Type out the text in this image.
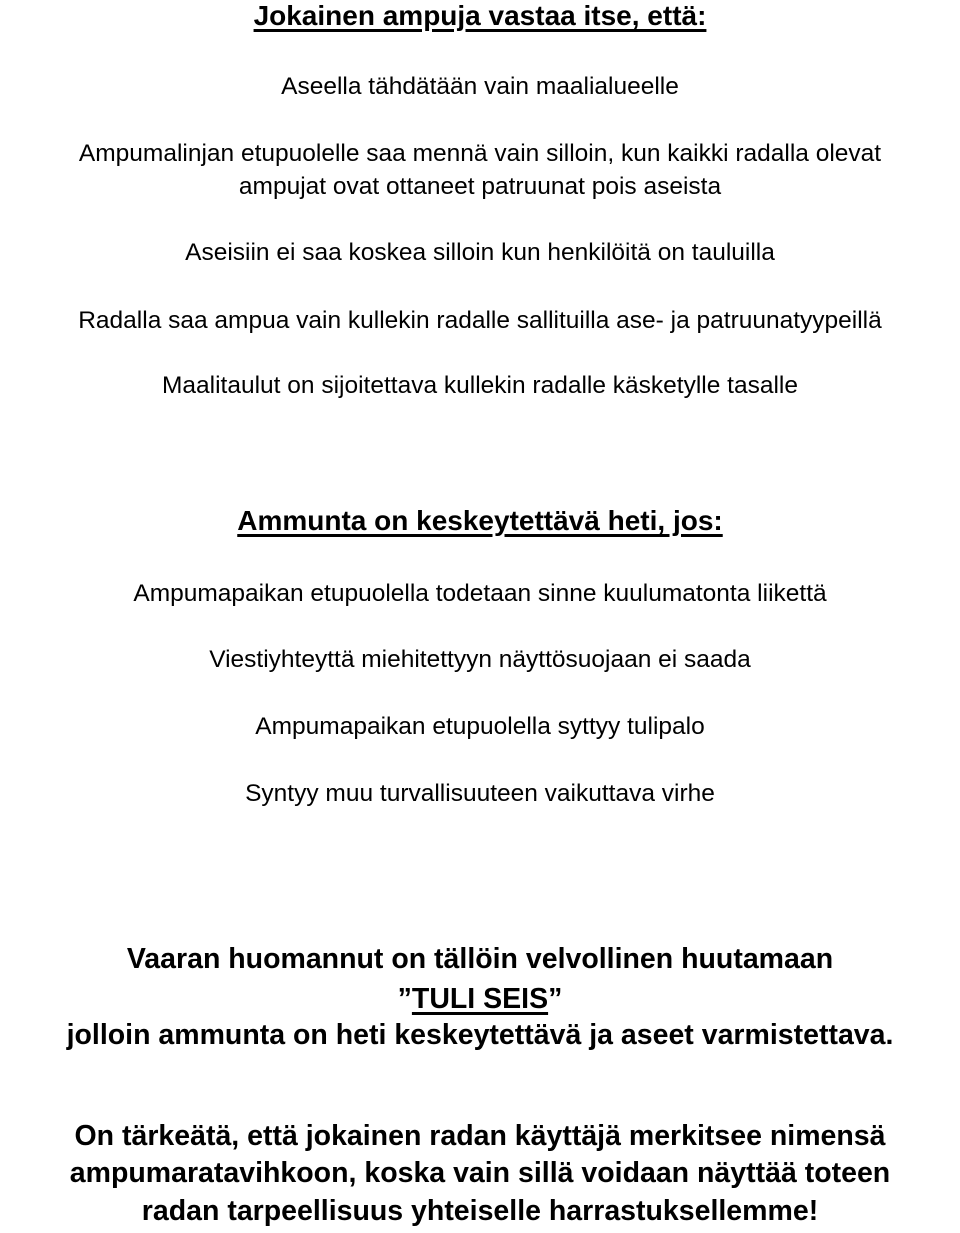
Jokainen ampuja vastaa itse, että:
Aseella tähdätään vain maalialueelle
Ampumalinjan etupuolelle saa mennä vain silloin, kun kaikki radalla olevat
ampujat ovat ottaneet patruunat pois aseista
Aseisiin ei saa koskea silloin kun henkilöitä on tauluilla
Radalla saa ampua vain kullekin radalle sallituilla ase- ja patruunatyypeillä
Maalitaulut on sijoitettava kullekin radalle käsketylle tasalle
Ammunta on keskeytettävä heti, jos:
Ampumapaikan etupuolella todetaan sinne kuulumatonta liikettä
Viestiyhteyttä miehitettyyn näyttösuojaan ei saada
Ampumapaikan etupuolella syttyy tulipalo
Syntyy muu turvallisuuteen vaikuttava virhe
Vaaran huomannut on tällöin velvollinen huutamaan
”TULI SEIS”
jolloin ammunta on heti keskeytettävä ja aseet varmistettava.
On tärkeätä, että jokainen radan käyttäjä merkitsee nimensä
ampumaratavihkoon, koska vain sillä voidaan näyttää toteen
radan tarpeellisuus yhteiselle harrastuksellemme!
